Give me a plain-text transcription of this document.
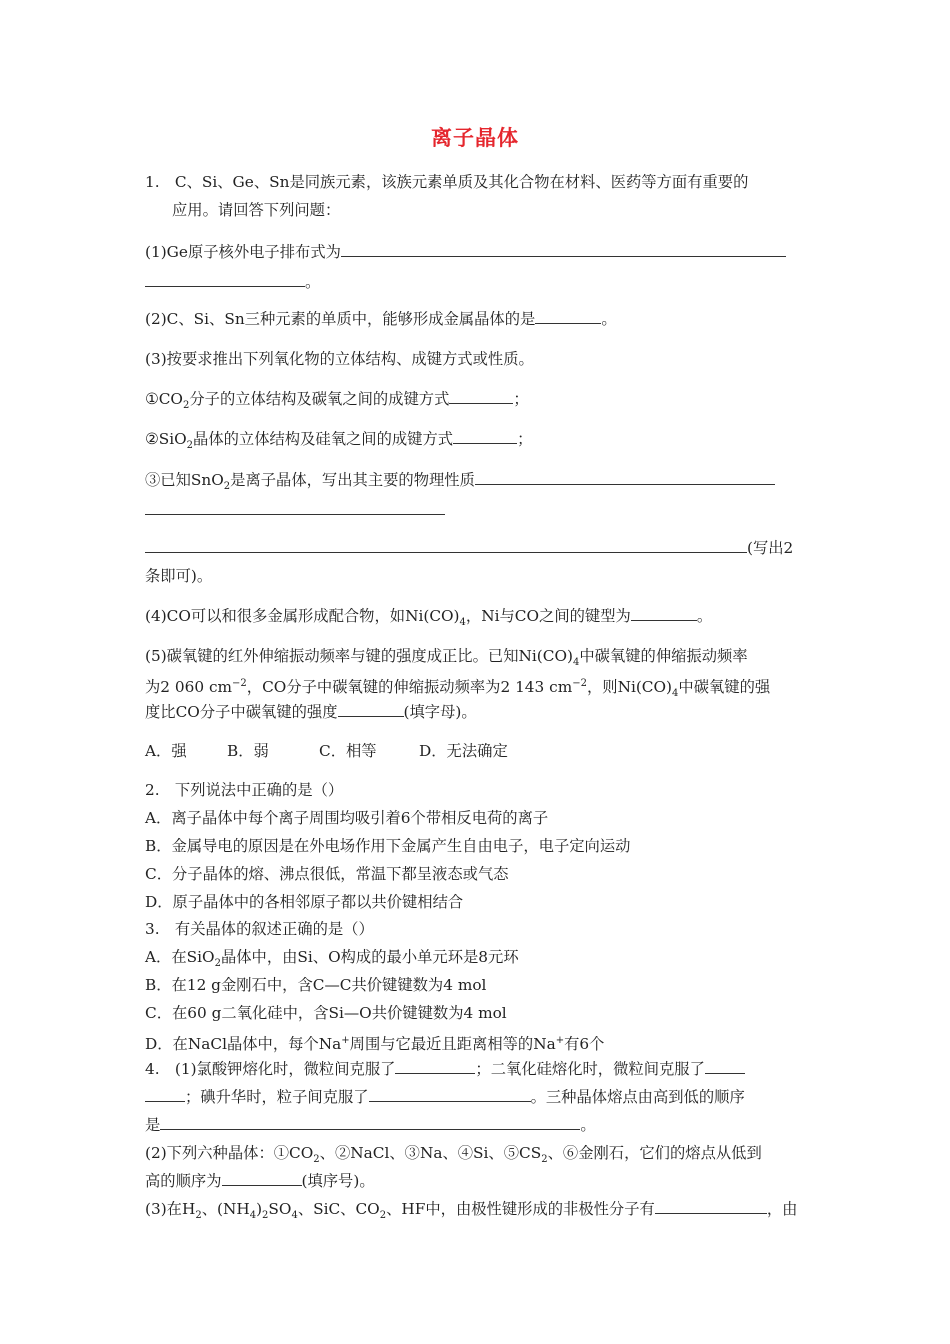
离子晶体
1.　C、Si、Ge、Sn是同族元素，该族元素单质及其化合物在材料、医药等方面有重要的
应用。请回答下列问题：
(1)Ge原子核外电子排布式为
。
(2)C、Si、Sn三种元素的单质中，能够形成金属晶体的是	。
(3)按要求推出下列氧化物的立体结构、成键方式或性质。
$①CO_2$分子的立体结构及碳氧之间的成键方式	；
②SiO$_2$晶体的立体结构及硅氧之间的成键方式	；
③已知SnO$_2$是离子晶体，写出其主要的物理性质
(写出2
条即可)。
(4)CO可以和很多金属形成配合物，如$Ni(CO)_4$，Ni与CO之间的键型为	。
(5)碳氧键的红外伸缩振动频率与键的强度成正比。已知$Ni(CO)_4$中碳氧键的伸缩振动频率
为2 060 $cm^{-2}$，CO分子中碳氧键的伸缩振动频率为2 143 $cm^{-2}$，则$Ni(CO)_4$中碳氧键的强
度比CO分子中碳氧键的强度	(填字母)。
A．强	B．弱	C．相等	D．无法确定
2.　下列说法中正确的是（）
A．离子晶体中每个离子周围均吸引着6个带相反电荷的离子
B．金属导电的原因是在外电场作用下金属产生自由电子，电子定向运动
C．分子晶体的熔、沸点很低，常温下都呈液态或气态
D．原子晶体中的各相邻原子都以共价键相结合
3.　有关晶体的叙述正确的是（）
A．在SiO$_2$晶体中，由Si、O构成的最小单元环是8元环
B．在12 g金刚石中，含C—C共价键键数为4 mol
C．在60 g二氧化硅中，含Si—O共价键键数为4 mol
D．在NaCl晶体中，每个Na+周围与它最近且距离相等的Na+有6个
4.　(1)氯酸钾熔化时，微粒间克服了	；二氧化硅熔化时，微粒间克服了
；碘升华时，粒子间克服了	。三种晶体熔点由高到低的顺序
是	。
(2)下列六种晶体：$①CO_2$、②NaCl、③Na、④Si、$⑤CS_2$、⑥金刚石，它们的熔点从低到
高的顺序为	(填序号)。
(3)在$H_2$、$(NH_4)_2SO_4$、SiC、$CO_2$、HF中，由极性键形成的非极性分子有	，由
